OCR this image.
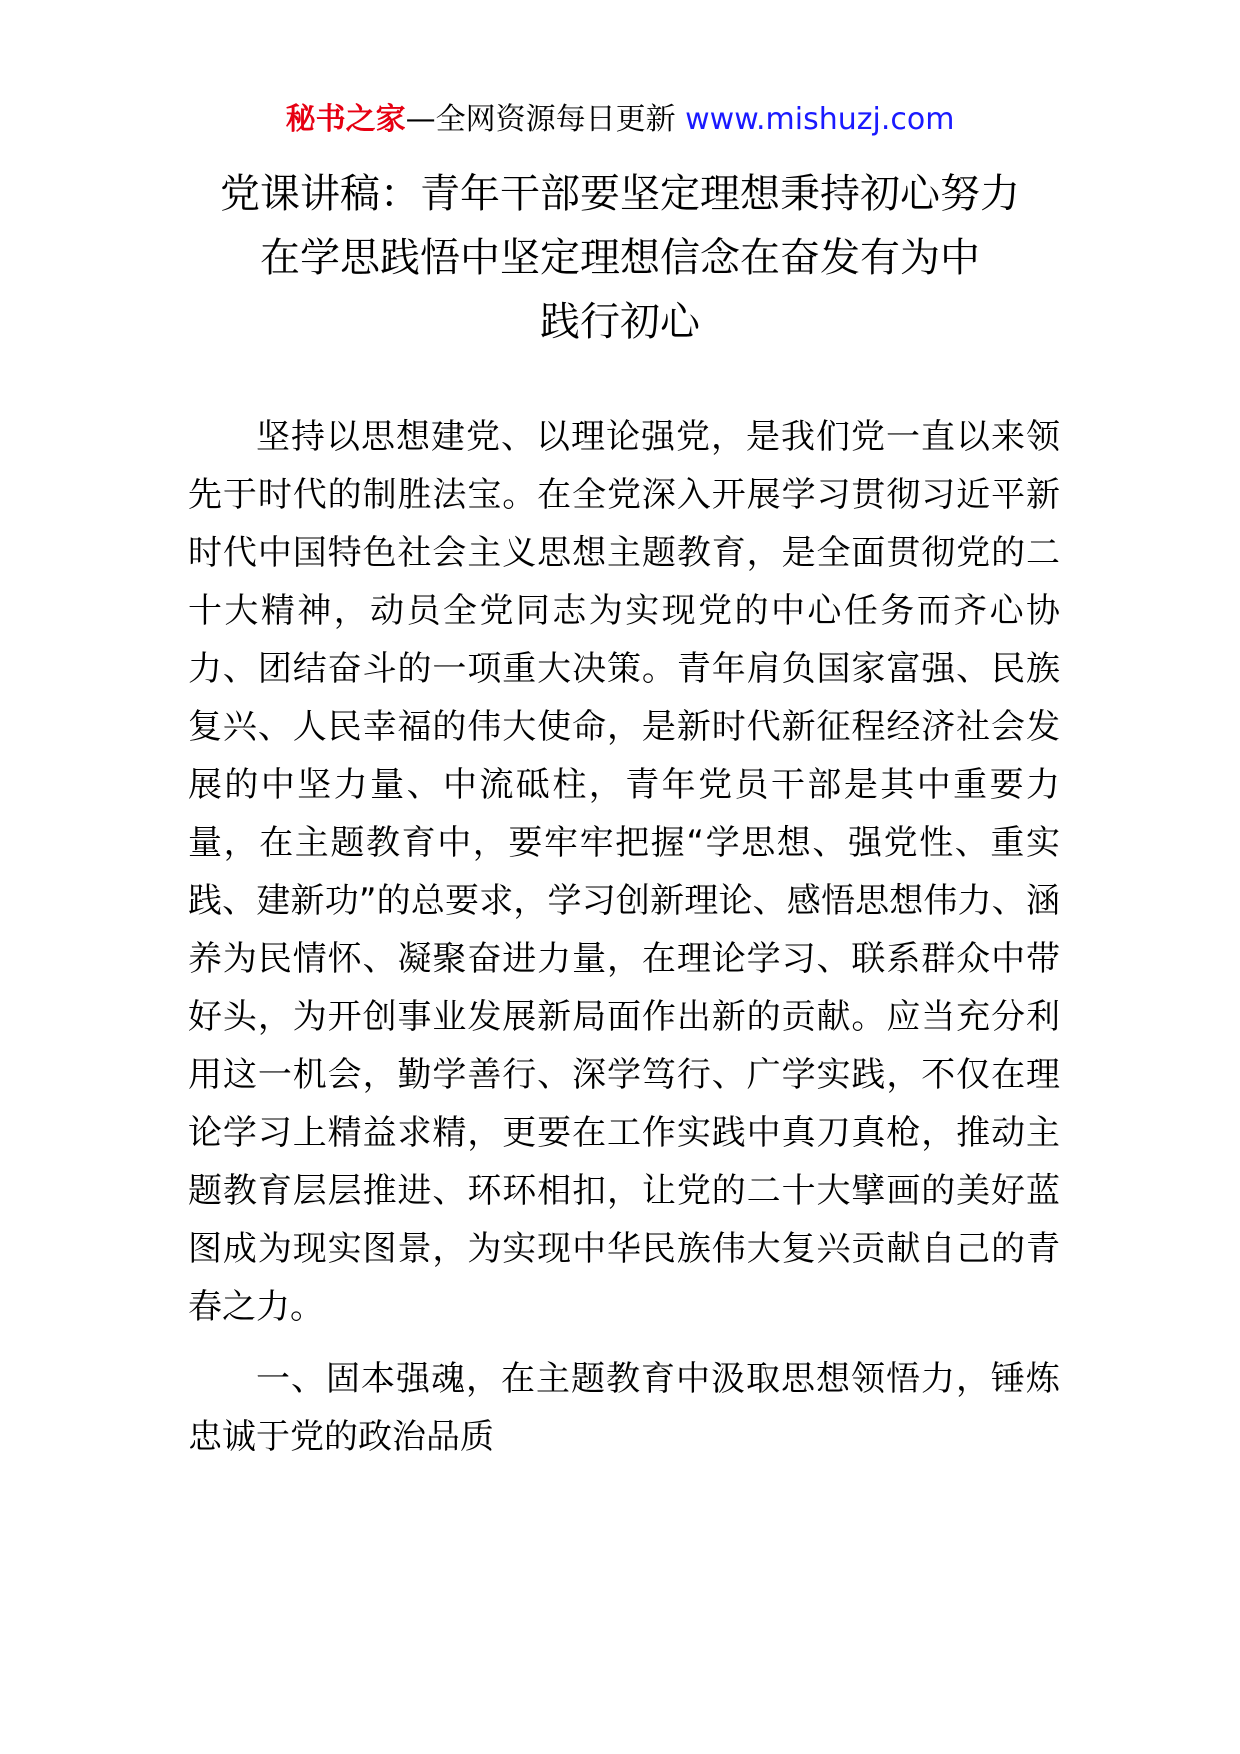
秘书之家—全网资源每日更新 www.mishuzj.com
党课讲稿：青年干部要坚定理想秉持初心努力
在学思践悟中坚定理想信念在奋发有为中
践行初心

坚持以思想建党、以理论强党，是我们党一直以来领先于时代的制胜法宝。在全党深入开展学习贯彻习近平新时代中国特色社会主义思想主题教育，是全面贯彻党的二十大精神，动员全党同志为实现党的中心任务而齐心协力、团结奋斗的一项重大决策。青年肩负国家富强、民族复兴、人民幸福的伟大使命，是新时代新征程经济社会发展的中坚力量、中流砥柱，青年党员干部是其中重要力量，在主题教育中，要牢牢把握“学思想、强党性、重实践、建新功”的总要求，学习创新理论、感悟思想伟力、涵养为民情怀、凝聚奋进力量，在理论学习、联系群众中带好头，为开创事业发展新局面作出新的贡献。应当充分利用这一机会，勤学善行、深学笃行、广学实践，不仅在理论学习上精益求精，更要在工作实践中真刀真枪，推动主题教育层层推进、环环相扣，让党的二十大擘画的美好蓝图成为现实图景，为实现中华民族伟大复兴贡献自己的青春之力。

一、固本强魂，在主题教育中汲取思想领悟力，锤炼忠诚于党的政治品质
